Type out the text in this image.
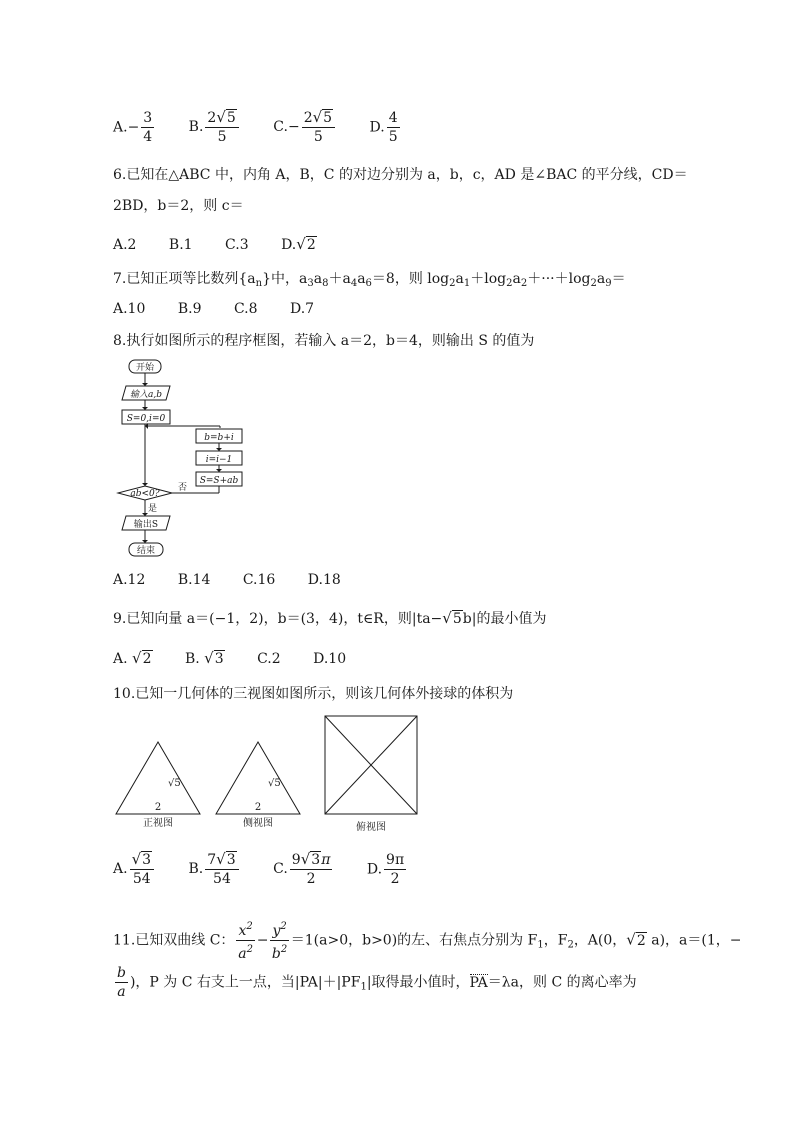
$A.- \frac{3}{4} B$. $\frac{2√5}{5} C.- \frac{2√5}{5} D$. $\frac{4}{5}$
6.已知在△ABC 中，内角 A，B，C 的对边分别为 a，b，c，AD 是∠BAC 的平分线，CD＝
2BD，b＝2，则 c＝
A.2 B.1 C.3 D.√2
7.已知正项等比数列$\{a_n\}$中，$a_3a_8+a_4a_6=8$，则 $\log_2a_1+\log_2a_2+\cdot\cdot\cdot+\log_2a_9=$
A.10 B.9 C.8 D.7
8.执行如图所示的程序框图，若输入 a＝2，b＝4，则输出 S 的值为
开始
输入a,b
S=0,i=0
b=b+i
i=i−1
S=S+ab
ab<0?
否
是
输出S
结束
A.12 B.14 C.16 D.18
9.已知向量 a＝(−1，2)，b＝(3，4)，t∈R，则|ta−√5b|的最小值为
A. √2 B. √3 C.2 D.10
10.已知一几何体的三视图如图所示，则该几何体外接球的体积为
√5
2
正视图
√5
2
侧视图	俯视图
A. $\frac{√3}{54} B$. $\frac{7√3}{54} C$. $\frac{9√3\pi}{2} D$. $\frac{9\pi}{2}$
11.已知双曲线 C： $\frac{x^2}{a^2} - \frac{y^2}{b^2} =1(a>0$，b>0)的左、右焦点分别为 $F_1$，$F_2$，A(0，√2 a)，a＝(1，−
$\frac{b}{a}$ )，P 为 C 右支上一点，当$|PA|+|PF_1|$取得最小值时，PA＝λa，则 C 的离心率为
